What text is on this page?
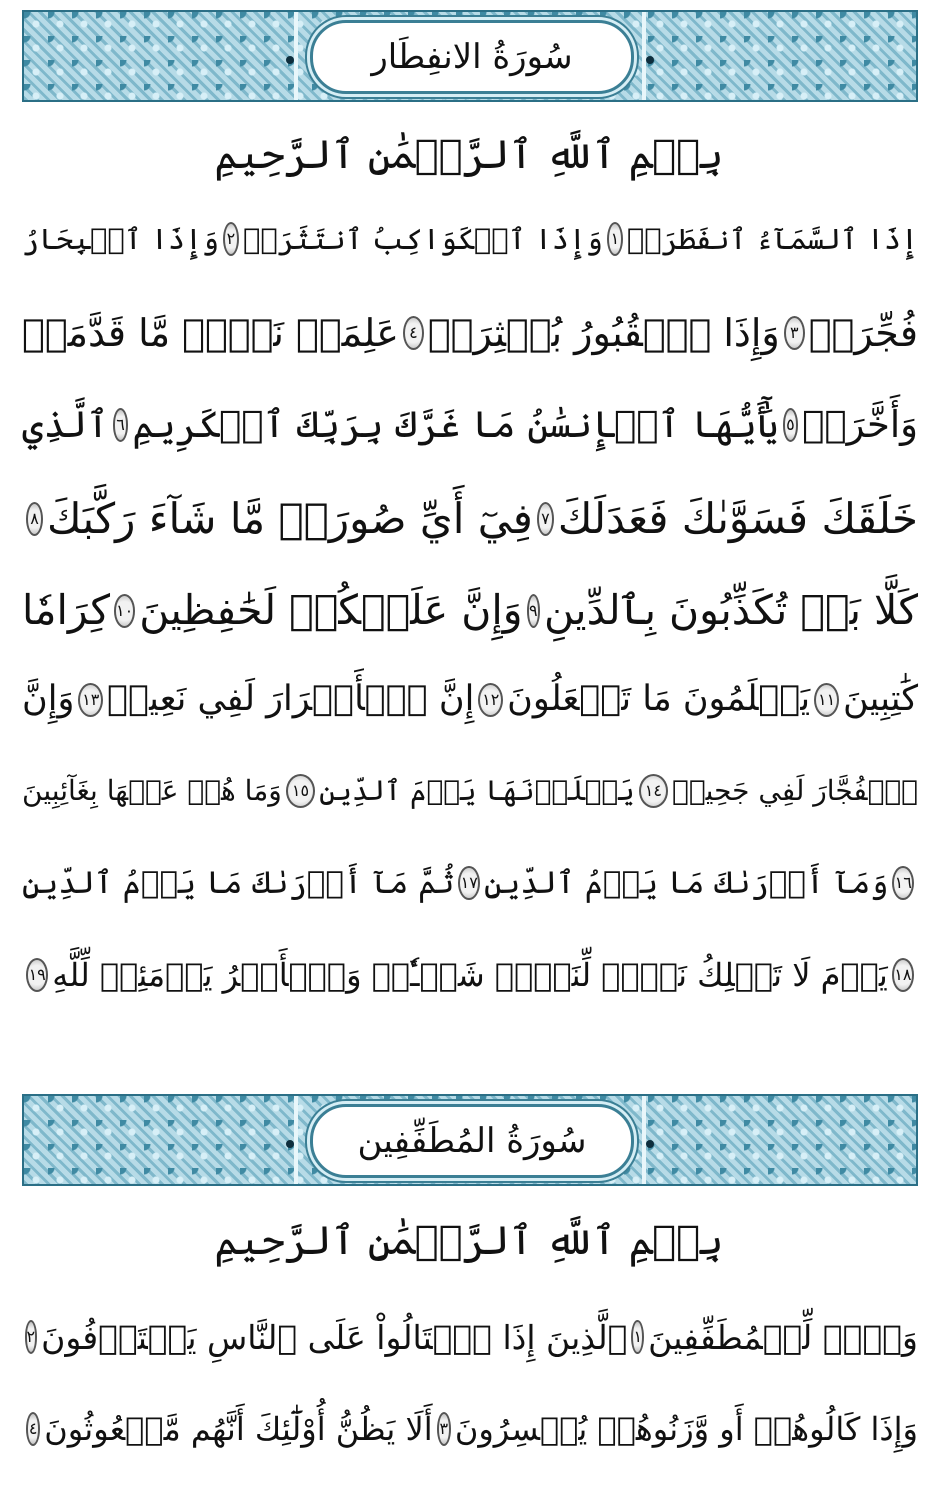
سُورَةُ الانفِطَار
بِسۡمِ ٱللَّهِ ٱلرَّحۡمَٰنِ ٱلرَّحِيمِ
إِذَا ٱلسَّمَآءُ ٱنفَطَرَتۡ
١
وَإِذَا ٱلۡكَوَاكِبُ ٱنتَثَرَتۡ
٢
وَإِذَا ٱلۡبِحَارُ
فُجِّرَتۡ
٣
وَإِذَا ٱلۡقُبُورُ بُعۡثِرَتۡ
٤
عَلِمَتۡ نَفۡسٞ مَّا قَدَّمَتۡ
وَأَخَّرَتۡ
٥
يَٰٓأَيُّهَا ٱلۡإِنسَٰنُ مَا غَرَّكَ بِرَبِّكَ ٱلۡكَرِيمِ
٦
ٱلَّذِي
خَلَقَكَ فَسَوَّىٰكَ فَعَدَلَكَ
٧
فِيٓ أَيِّ صُورَةٖ مَّا شَآءَ رَكَّبَكَ
٨
كَلَّا بَلۡ تُكَذِّبُونَ بِٱلدِّينِ
٩
وَإِنَّ عَلَيۡكُمۡ لَحَٰفِظِينَ
١٠
كِرَامٗا
كَٰتِبِينَ
١١
يَعۡلَمُونَ مَا تَفۡعَلُونَ
١٢
إِنَّ ٱلۡأَبۡرَارَ لَفِي نَعِيمٖ
١٣
وَإِنَّ
ٱلۡفُجَّارَ لَفِي جَحِيمٖ
١٤
يَصۡلَوۡنَهَا يَوۡمَ ٱلدِّينِ
١٥
وَمَا هُمۡ عَنۡهَا بِغَآئِبِينَ
١٦
وَمَآ أَدۡرَىٰكَ مَا يَوۡمُ ٱلدِّينِ
١٧
ثُمَّ مَآ أَدۡرَىٰكَ مَا يَوۡمُ ٱلدِّينِ
١٨
يَوۡمَ لَا تَمۡلِكُ نَفۡسٞ لِّنَفۡسٖ شَيۡـٔٗاۖ وَٱلۡأَمۡرُ يَوۡمَئِذٖ لِّلَّهِ
١٩
سُورَةُ المُطَفِّفِين
بِسۡمِ ٱللَّهِ ٱلرَّحۡمَٰنِ ٱلرَّحِيمِ
وَيۡلٞ لِّلۡمُطَفِّفِينَ
١
ٱلَّذِينَ إِذَا ٱكۡتَالُواْ عَلَى ٱلنَّاسِ يَسۡتَوۡفُونَ
٢
وَإِذَا كَالُوهُمۡ أَو وَّزَنُوهُمۡ يُخۡسِرُونَ
٣
أَلَا يَظُنُّ أُوْلَٰٓئِكَ أَنَّهُم مَّبۡعُوثُونَ
٤
